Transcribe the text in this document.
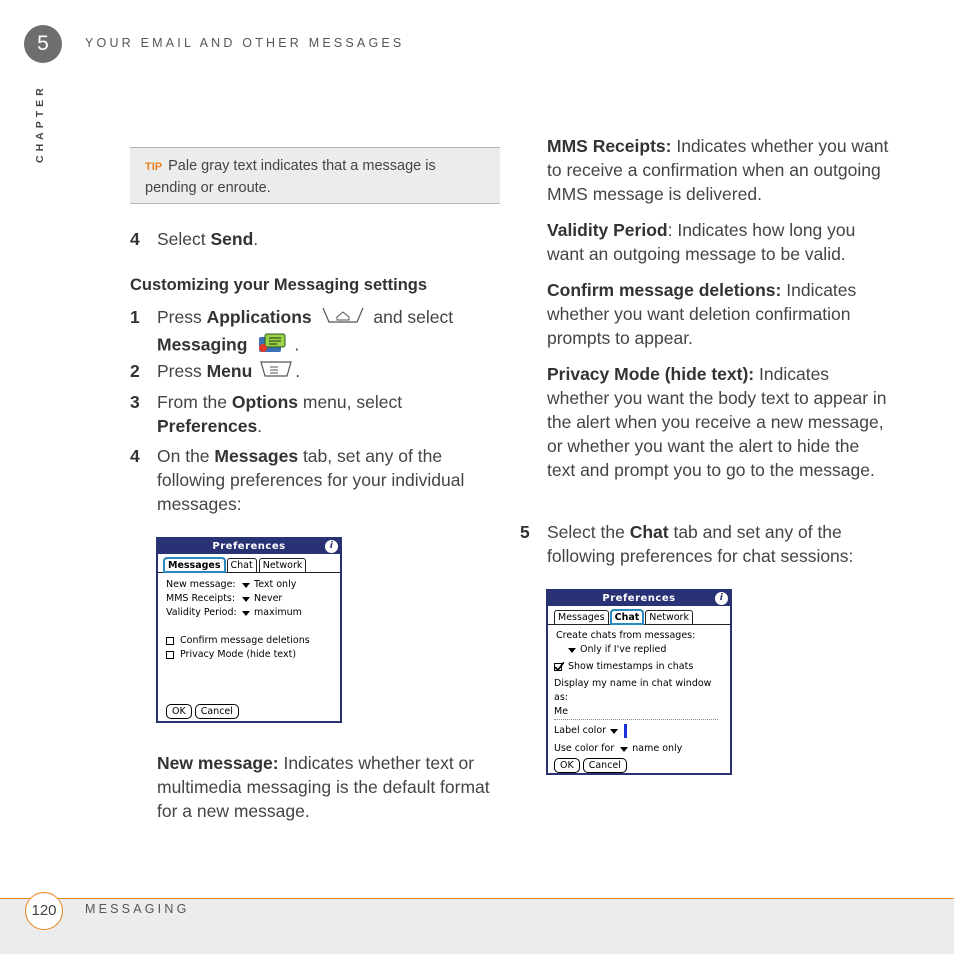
5	YOUR EMAIL AND OTHER MESSAGES
CHAPTER
TIP Pale gray text indicates that a message is pending or enroute.
4 Select Send.
Customizing your Messaging settings
1 Press Applications	and select
Messaging	.
2 Press Menu .
3 From the Options menu, select Preferences.
4 On the Messages tab, set any of the following preferences for your individual messages:
Preferences	i
Messages	Chat	Network
New message:	Text only
MMS Receipts:	Never
Validity Period:	maximum
Confirm message deletions
Privacy Mode (hide text)
OK Cancel
New message: Indicates whether text or multimedia messaging is the default format for a new message.

MMS Receipts: Indicates whether you want to receive a confirmation when an outgoing MMS message is delivered.

Validity Period: Indicates how long you want an outgoing message to be valid.

Confirm message deletions: Indicates whether you want deletion confirmation prompts to appear.

Privacy Mode (hide text): Indicates whether you want the body text to appear in the alert when you receive a new message, or whether you want the alert to hide the text and prompt you to go to the message.

5 Select the Chat tab and set any of the following preferences for chat sessions:
Preferences	i
Messages	Chat	Network
Create chats from messages:
Only if I've replied
Show timestamps in chats
Display my name in chat window as:
Me
Label color
Use color for name only
OK Cancel
120	MESSAGING
